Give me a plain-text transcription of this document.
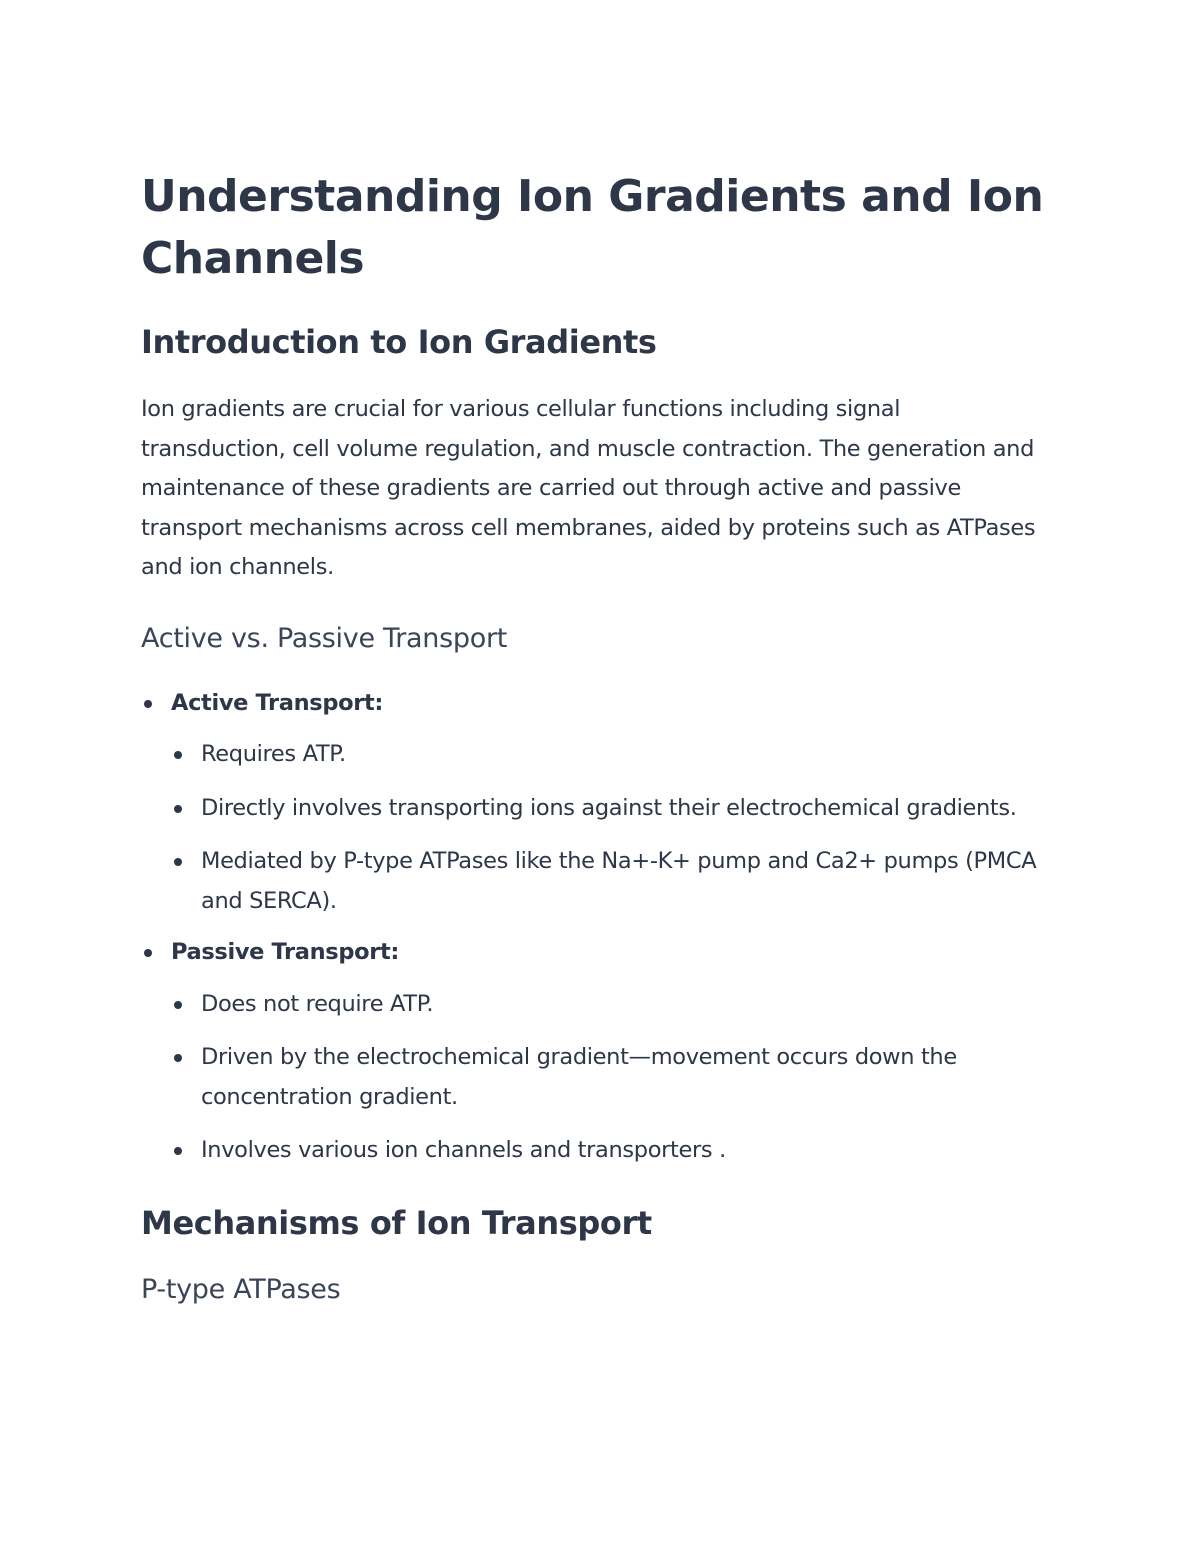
Understanding Ion Gradients and Ion Channels
Introduction to Ion Gradients

Ion gradients are crucial for various cellular functions including signal transduction, cell volume regulation, and muscle contraction. The generation and maintenance of these gradients are carried out through active and passive transport mechanisms across cell membranes, aided by proteins such as ATPases and ion channels.

Active vs. Passive Transport
Active Transport:
Requires ATP.
Directly involves transporting ions against their electrochemical gradients.
Mediated by P-type ATPases like the Na+-K+ pump and Ca2+ pumps (PMCA and SERCA).
Passive Transport:
Does not require ATP.
Driven by the electrochemical gradient—movement occurs down the concentration gradient.
Involves various ion channels and transporters .
Mechanisms of Ion Transport
P-type ATPases
